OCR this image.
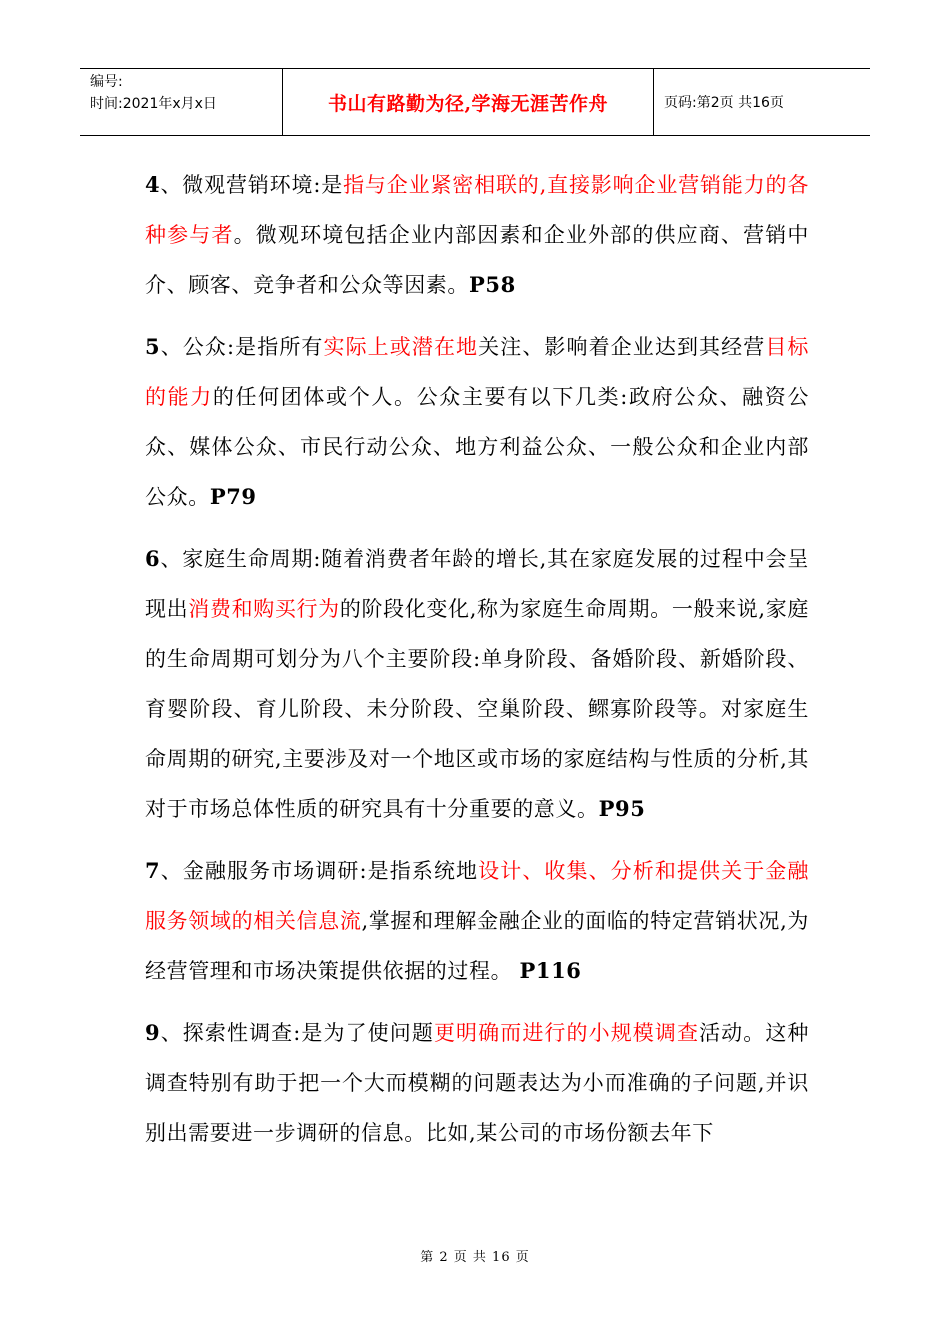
编号:
时间:2021年x月x日	书山有路勤为径,学海无涯苦作舟	页码:第2页 共16页

4、微观营销环境:是指与企业紧密相联的,直接影响企业营销能力的各种参与者。微观环境包括企业内部因素和企业外部的供应商、营销中介、顾客、竞争者和公众等因素。P58

5、公众:是指所有实际上或潜在地关注、影响着企业达到其经营目标的能力的任何团体或个人。公众主要有以下几类:政府公众、融资公众、媒体公众、市民行动公众、地方利益公众、一般公众和企业内部公众。P79

6、家庭生命周期:随着消费者年龄的增长,其在家庭发展的过程中会呈现出消费和购买行为的阶段化变化,称为家庭生命周期。一般来说,家庭的生命周期可划分为八个主要阶段:单身阶段、备婚阶段、新婚阶段、育婴阶段、育儿阶段、未分阶段、空巢阶段、鳏寡阶段等。对家庭生命周期的研究,主要涉及对一个地区或市场的家庭结构与性质的分析,其对于市场总体性质的研究具有十分重要的意义。P95

7、金融服务市场调研:是指系统地设计、收集、分析和提供关于金融服务领域的相关信息流,掌握和理解金融企业的面临的特定营销状况,为经营管理和市场决策提供依据的过程。 P116

9、探索性调查:是为了使问题更明确而进行的小规模调查活动。这种调查特别有助于把一个大而模糊的问题表达为小而准确的子问题,并识别出需要进一步调研的信息。比如,某公司的市场份额去年下

第 2 页 共 16 页
